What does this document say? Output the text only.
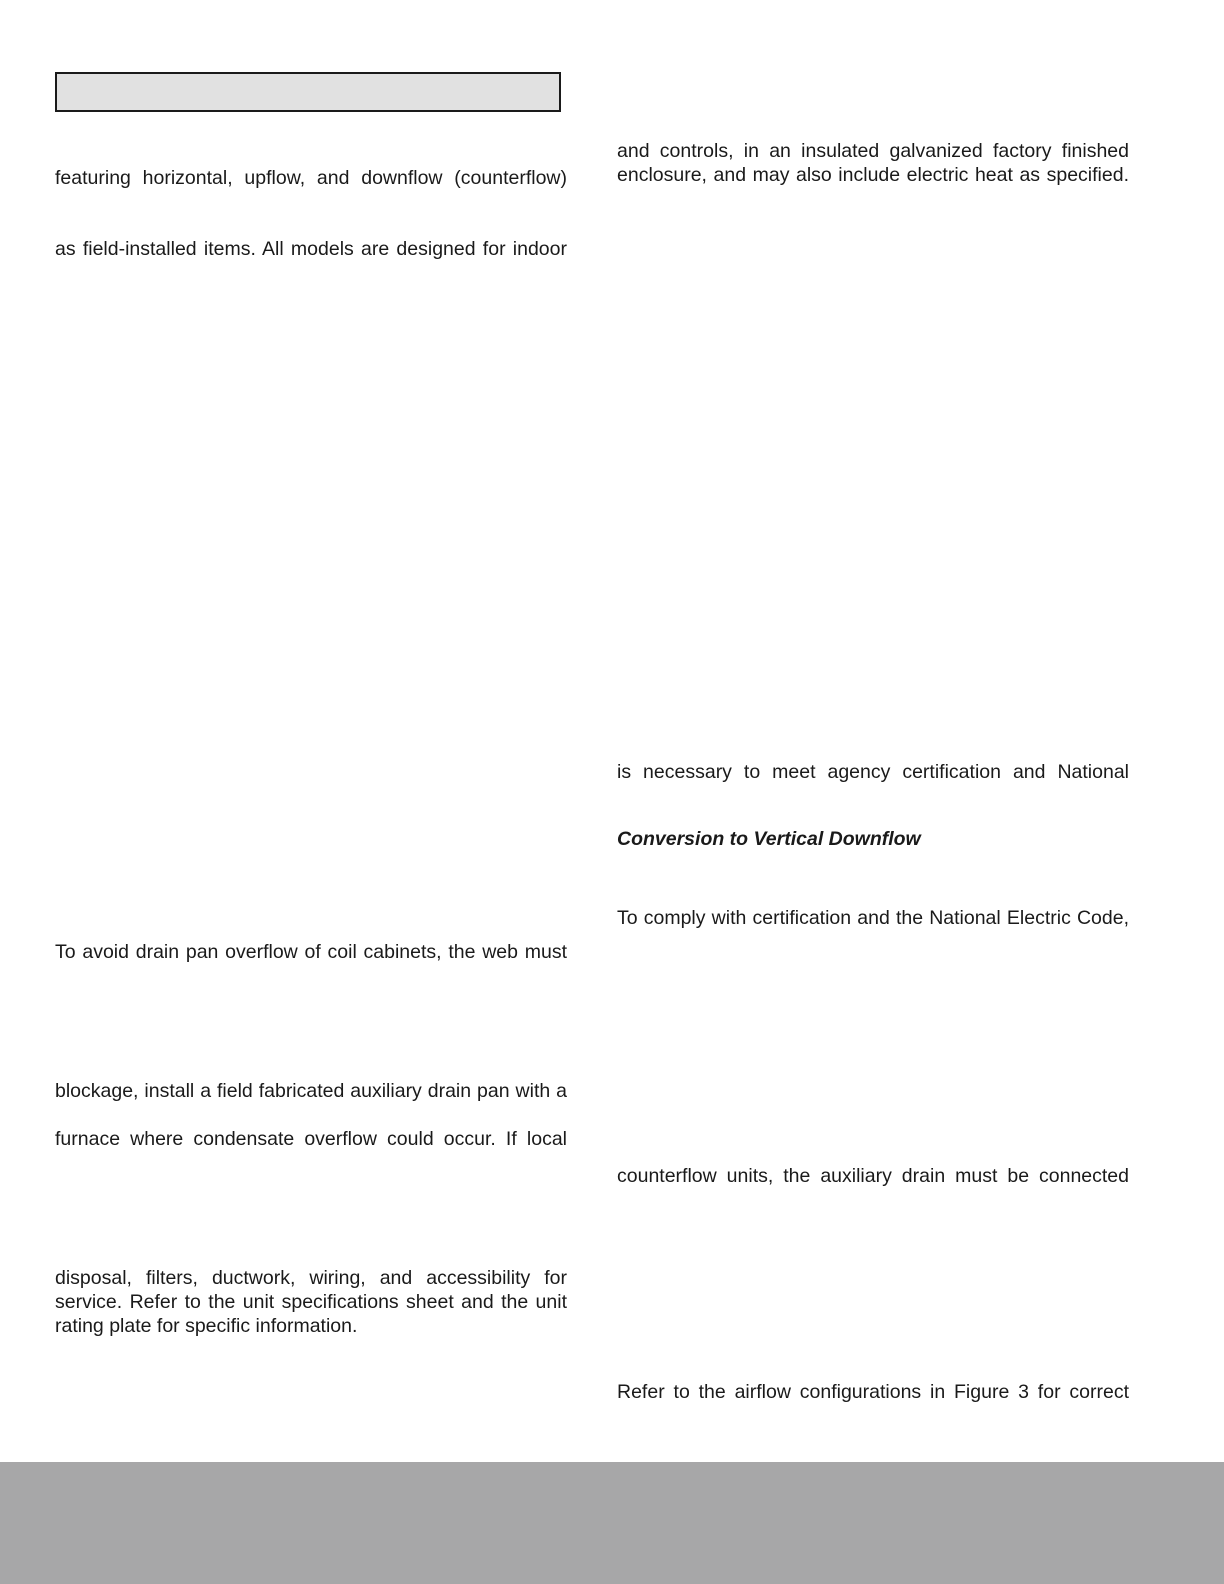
featuring horizontal, upflow, and downflow (counterflow)

as field-installed items. All models are designed for indoor

To avoid drain pan overflow of coil cabinets, the web must

blockage, install a field fabricated auxiliary drain pan with a

furnace where condensate overflow could occur. If local

disposal, filters, ductwork, wiring, and accessibility for

service. Refer to the unit specifications sheet and the unit

rating plate for specific information.

and controls, in an insulated galvanized factory finished

enclosure, and may also include electric heat as specified.

is necessary to meet agency certification and National

Conversion to Vertical Downflow

To comply with certification and the National Electric Code,

counterflow units, the auxiliary drain must be connected

Refer to the airflow configurations in Figure 3 for correct
